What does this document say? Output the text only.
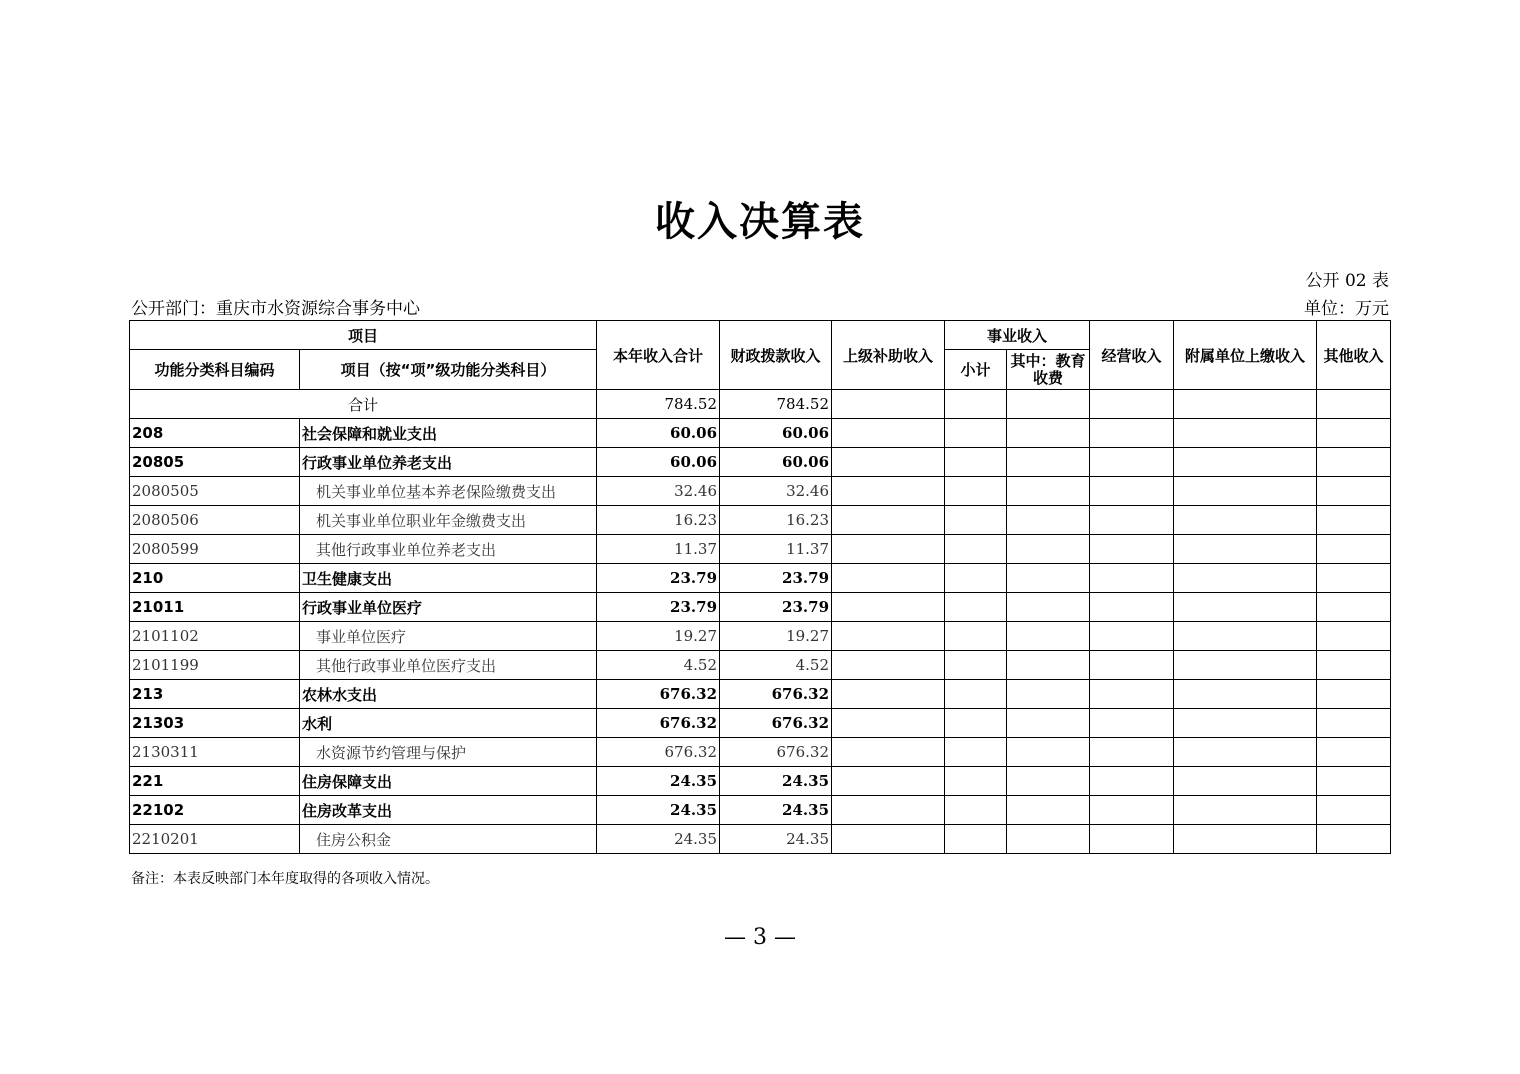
收入决算表
公开 02 表
公开部门：重庆市水资源综合事务中心	单位：万元
项目		本年收入合计	财政拨款收入	上级补助收入	事业收入		经营收入	附属单位上缴收入	其他收入
功能分类科目编码	项目（按“项”级功能分类科目）				小计	其中：教育收费			
合计		784.52	784.52						
208	社会保障和就业支出	60.06	60.06						
20805	行政事业单位养老支出	60.06	60.06						
2080505	机关事业单位基本养老保险缴费支出	32.46	32.46						
2080506	机关事业单位职业年金缴费支出	16.23	16.23						
2080599	其他行政事业单位养老支出	11.37	11.37						
210	卫生健康支出	23.79	23.79						
21011	行政事业单位医疗	23.79	23.79						
2101102	事业单位医疗	19.27	19.27						
2101199	其他行政事业单位医疗支出	4.52	4.52						
213	农林水支出	676.32	676.32						
21303	水利	676.32	676.32						
2130311	水资源节约管理与保护	676.32	676.32						
221	住房保障支出	24.35	24.35						
22102	住房改革支出	24.35	24.35						
2210201	住房公积金	24.35	24.35						
备注：本表反映部门本年度取得的各项收入情况。
— 3 —
